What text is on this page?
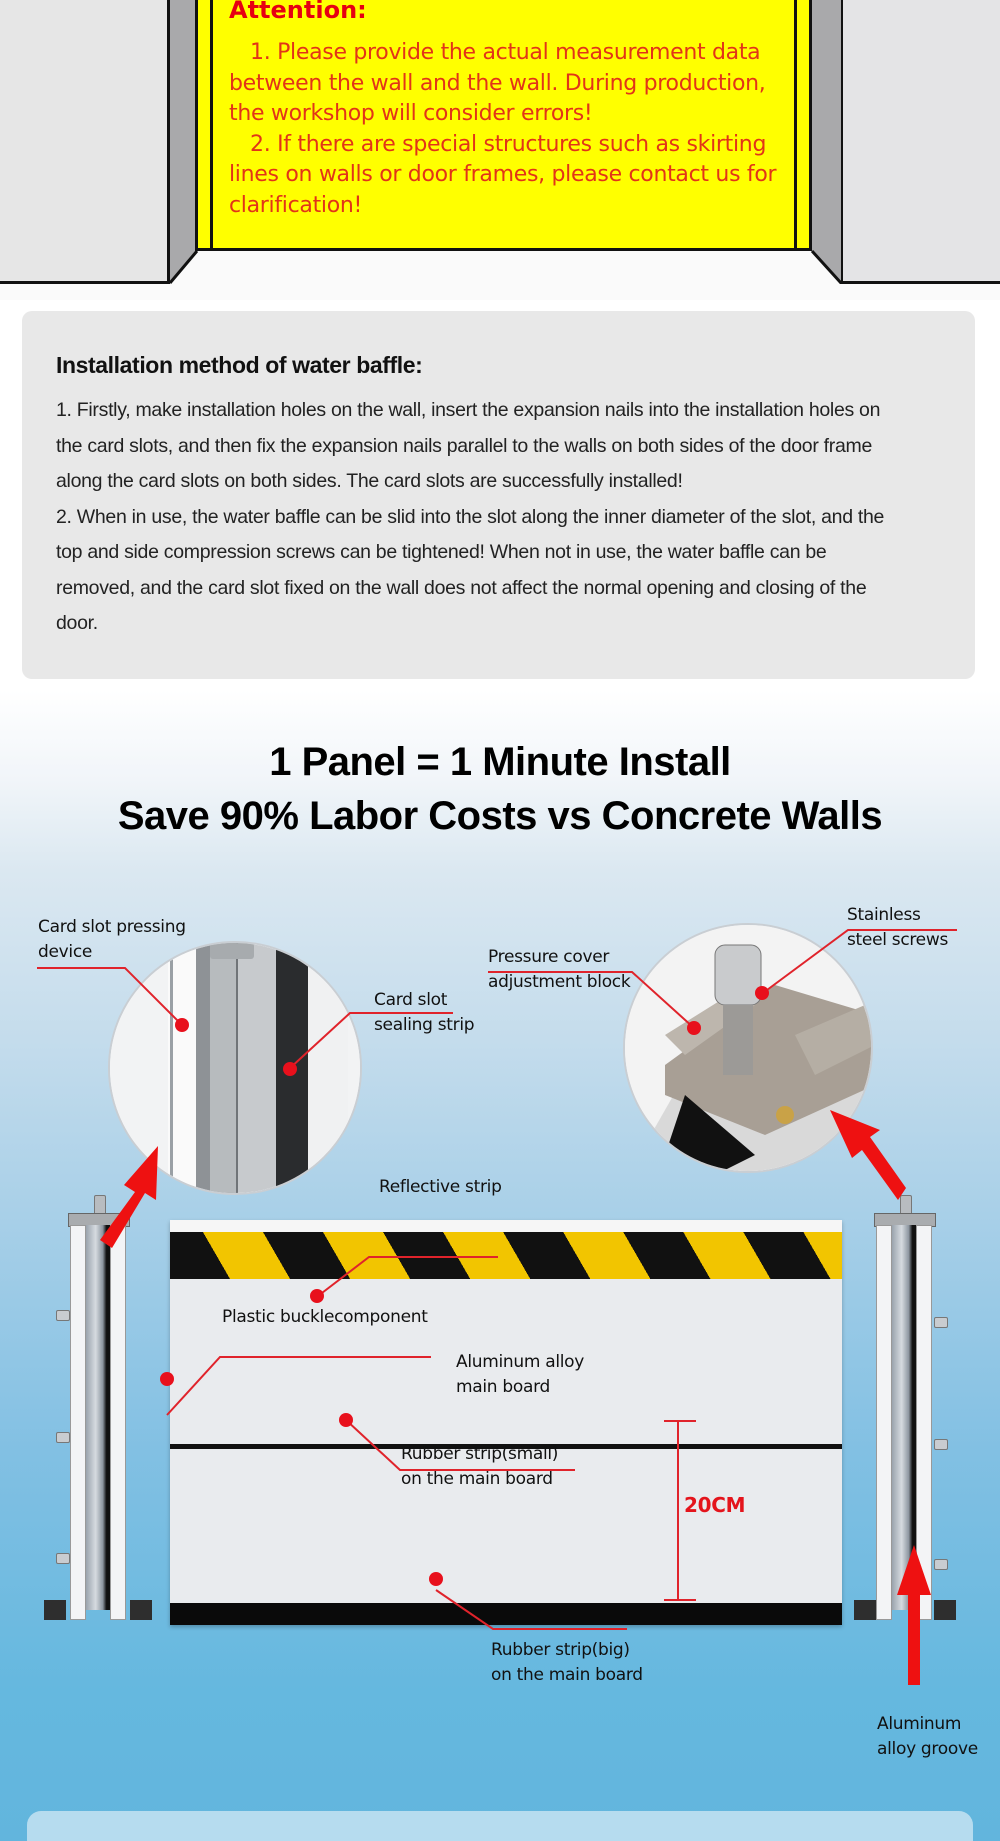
Attention:

1. Please provide the actual measurement data

between the wall and the wall. During production,

the workshop will consider errors!

2. If there are special structures such as skirting

lines on walls or door frames, please contact us for

clarification!

Installation method of water baffle:

1. Firstly, make installation holes on the wall, insert the expansion nails into the installation holes on

the card slots, and then fix the expansion nails parallel to the walls on both sides of the door frame

along the card slots on both sides. The card slots are successfully installed!

2. When in use, the water baffle can be slid into the slot along the inner diameter of the slot, and the

top and side compression screws can be tightened! When not in use, the water baffle can be

removed, and the card slot fixed on the wall does not affect the normal opening and closing of the

door.

1 Panel = 1 Minute Install
Save 90% Labor Costs vs Concrete Walls
Card slot pressing
device
Card slot
sealing strip
Pressure cover
adjustment block
Stainless
steel screws
Reflective strip
Plastic bucklecomponent
Aluminum alloy
main board
Rubber strip(small)
on the main board
20CM
Rubber strip(big)
on the main board
Aluminum
alloy groove
